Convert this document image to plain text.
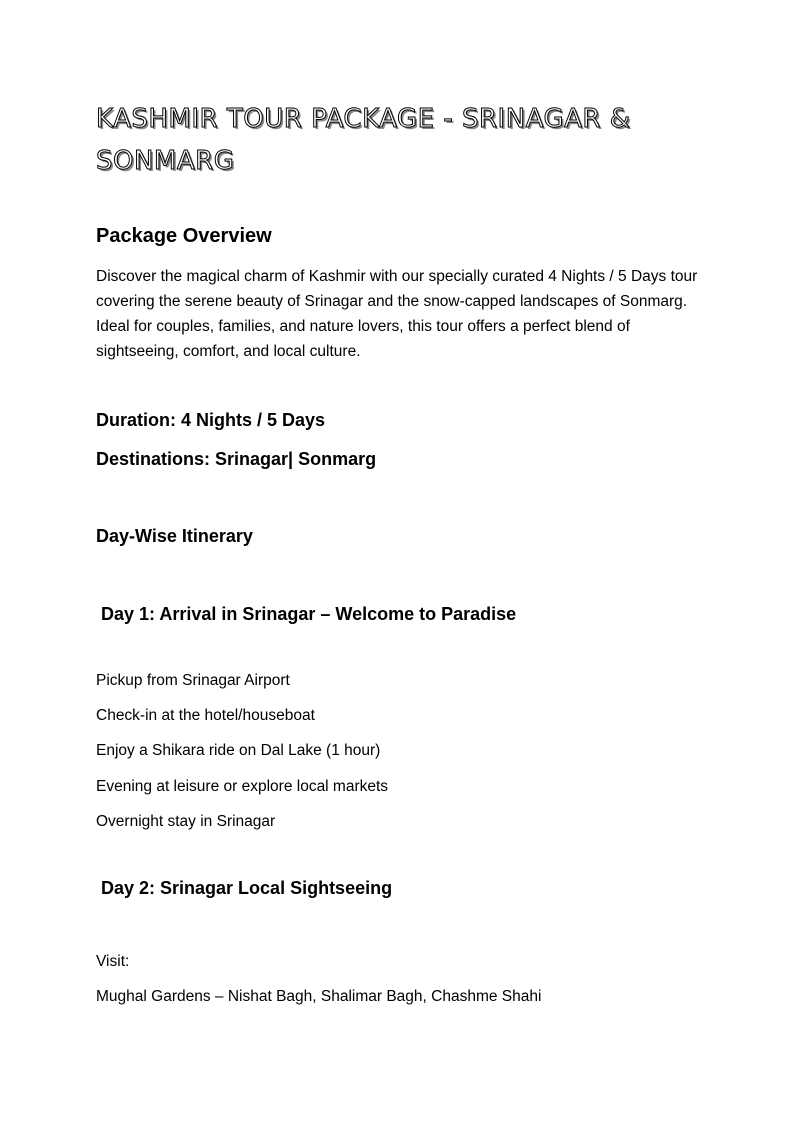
KASHMIR TOUR PACKAGE - SRINAGAR & SONMARG
Package Overview

Discover the magical charm of Kashmir with our specially curated 4 Nights / 5 Days tour covering the serene beauty of Srinagar and the snow-capped landscapes of Sonmarg. Ideal for couples, families, and nature lovers, this tour offers a perfect blend of sightseeing, comfort, and local culture.

Duration: 4 Nights / 5 Days
Destinations: Srinagar| Sonmarg
Day-Wise Itinerary
Day 1: Arrival in Srinagar – Welcome to Paradise

Pickup from Srinagar Airport

Check-in at the hotel/houseboat

Enjoy a Shikara ride on Dal Lake (1 hour)

Evening at leisure or explore local markets

Overnight stay in Srinagar

Day 2: Srinagar Local Sightseeing

Visit:

Mughal Gardens – Nishat Bagh, Shalimar Bagh, Chashme Shahi
